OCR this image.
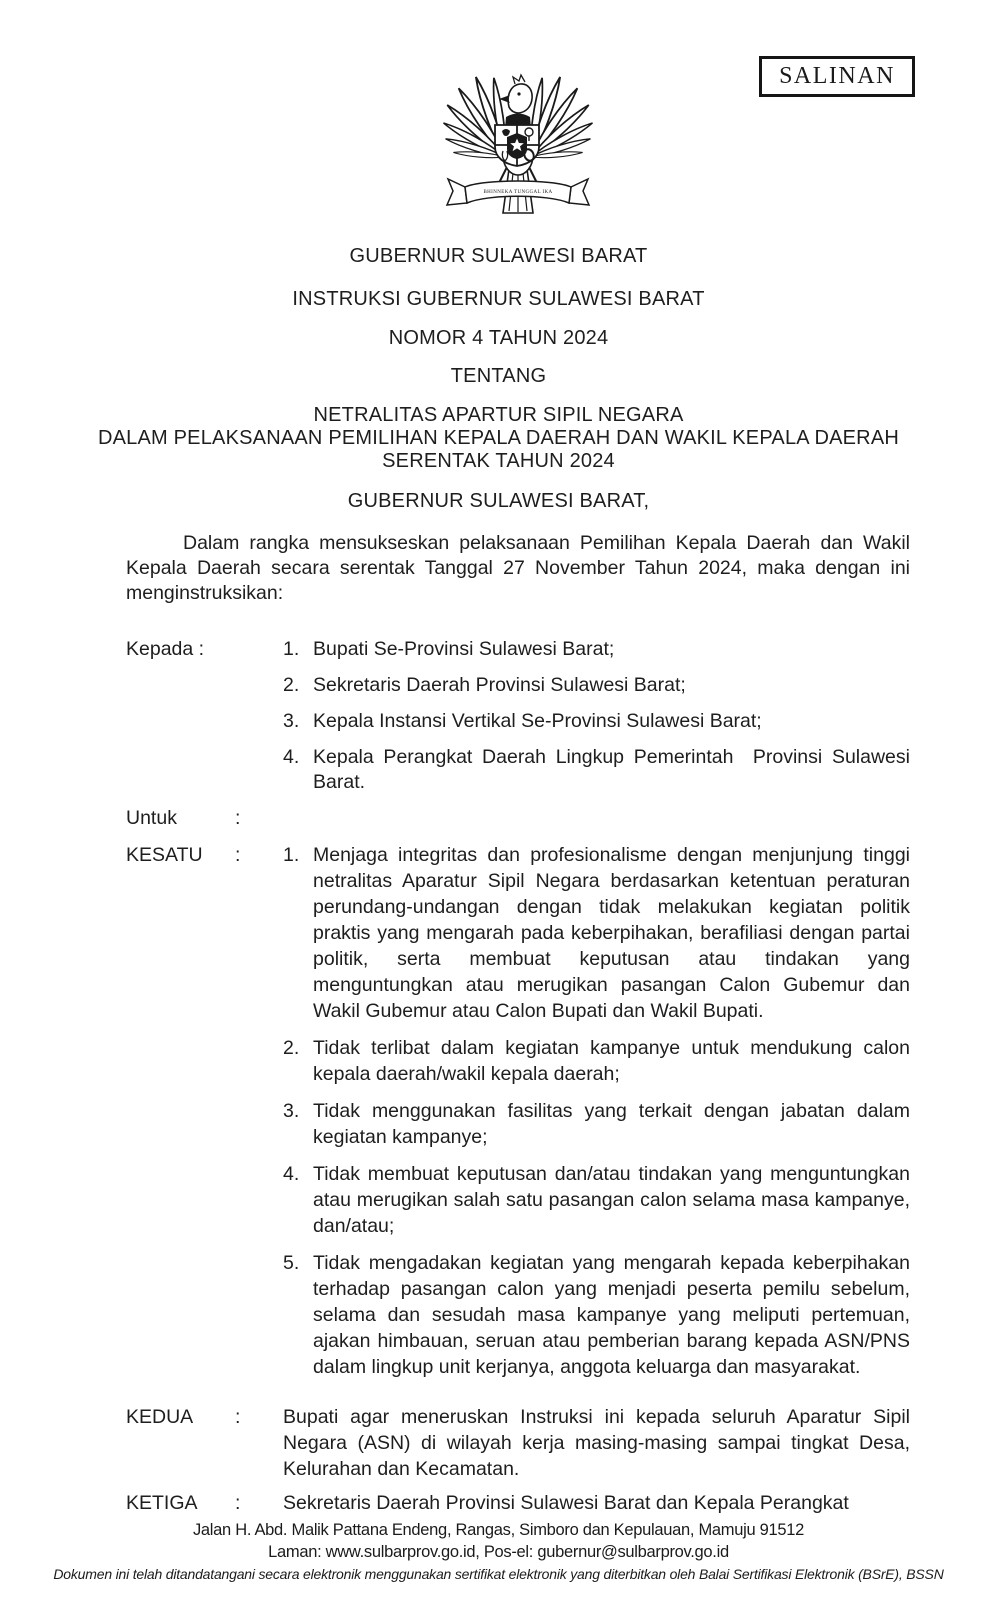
SALINAN
BHINNEKA TUNGGAL IKA
GUBERNUR SULAWESI BARAT
INSTRUKSI GUBERNUR SULAWESI BARAT
NOMOR 4 TAHUN 2024
TENTANG
NETRALITAS APARTUR SIPIL NEGARA
DALAM PELAKSANAAN PEMILIHAN KEPALA DAERAH DAN WAKIL KEPALA DAERAH
SERENTAK TAHUN 2024
GUBERNUR SULAWESI BARAT,

Dalam rangka mensukseskan pelaksanaan Pemilihan Kepala Daerah dan Wakil Kepala Daerah secara serentak Tanggal 27 November Tahun 2024, maka dengan ini menginstruksikan:

Kepada :	1. Bupati Se-Provinsi Sulawesi Barat;
2. Sekretaris Daerah Provinsi Sulawesi Barat;
3. Kepala Instansi Vertikal Se-Provinsi Sulawesi Barat;
4. Kepala Perangkat Daerah Lingkup Pemerintah  Provinsi Sulawesi Barat.
Untuk	:
KESATU	:	1. Menjaga integritas dan profesionalisme dengan menjunjung tinggi netralitas Aparatur Sipil Negara berdasarkan ketentuan peraturan perundang-undangan dengan tidak melakukan kegiatan politik praktis yang mengarah pada keberpihakan, berafiliasi dengan partai politik, serta membuat keputusan atau tindakan yang menguntungkan atau merugikan pasangan Calon Gubemur dan Wakil Gubemur atau Calon Bupati dan Wakil Bupati.
2. Tidak terlibat dalam kegiatan kampanye untuk mendukung calon kepala daerah/wakil kepala daerah;
3. Tidak menggunakan fasilitas yang terkait dengan jabatan dalam kegiatan kampanye;
4. Tidak membuat keputusan dan/atau tindakan yang menguntungkan atau merugikan salah satu pasangan calon selama masa kampanye, dan/atau;
5. Tidak mengadakan kegiatan yang mengarah kepada keberpihakan terhadap pasangan calon yang menjadi peserta pemilu sebelum, selama dan sesudah masa kampanye yang meliputi pertemuan, ajakan himbauan, seruan atau pemberian barang kepada ASN/PNS dalam lingkup unit kerjanya, anggota keluarga dan masyarakat.
KEDUA	:	Bupati agar meneruskan Instruksi ini kepada seluruh Aparatur Sipil Negara (ASN) di wilayah kerja masing-masing sampai tingkat Desa, Kelurahan dan Kecamatan.
KETIGA	:	Sekretaris Daerah Provinsi Sulawesi Barat dan Kepala Perangkat
Jalan H. Abd. Malik Pattana Endeng, Rangas, Simboro dan Kepulauan, Mamuju 91512
Laman: www.sulbarprov.go.id, Pos-el: gubernur@sulbarprov.go.id
Dokumen ini telah ditandatangani secara elektronik menggunakan sertifikat elektronik yang diterbitkan oleh Balai Sertifikasi Elektronik (BSrE), BSSN
